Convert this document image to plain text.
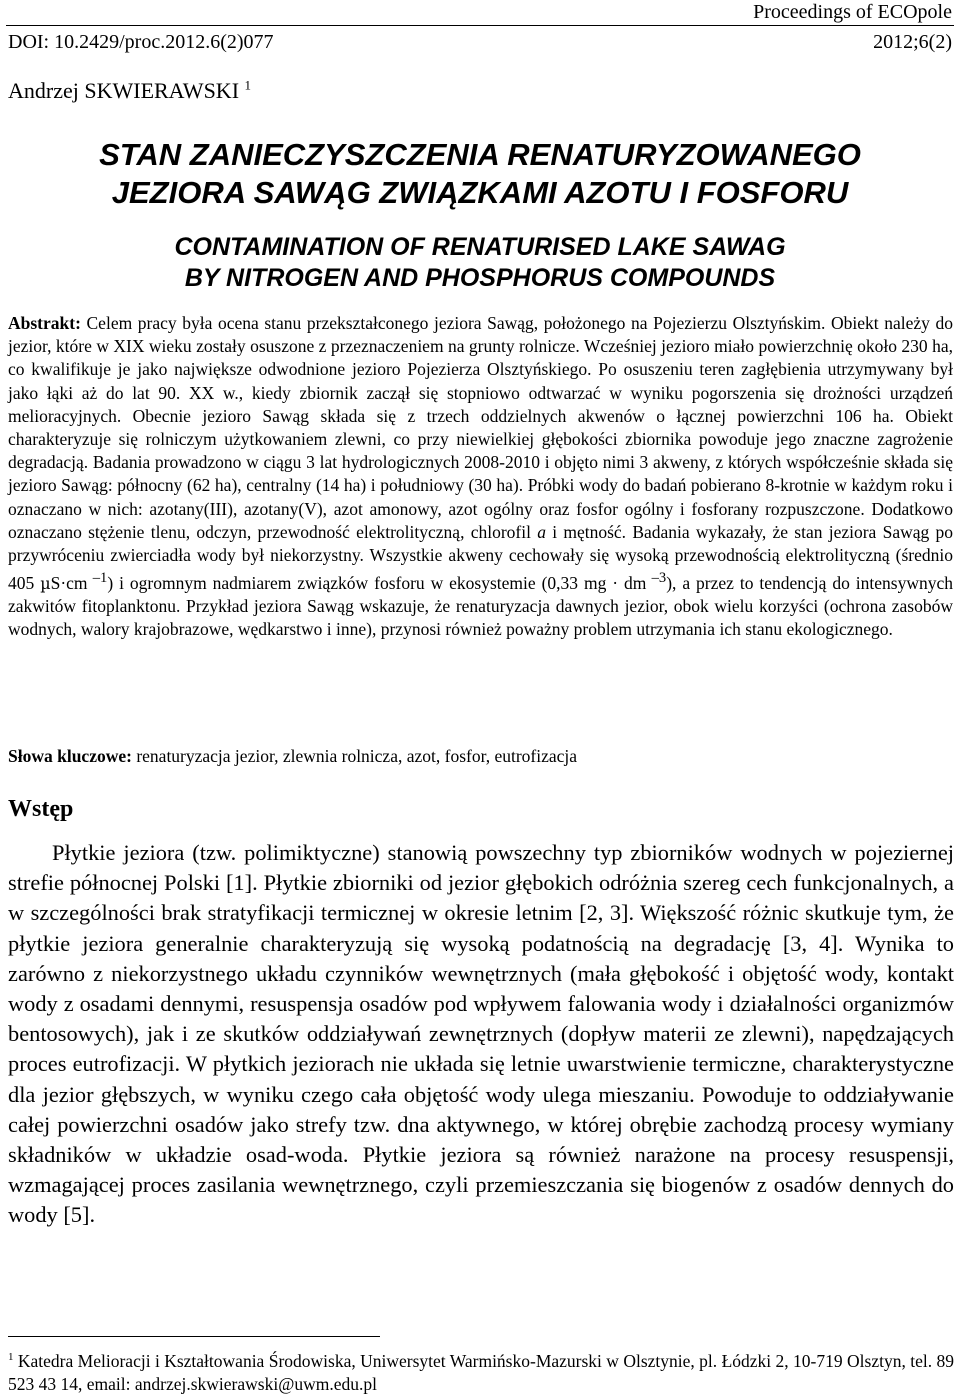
Proceedings of ECOpole
DOI: 10.2429/proc.2012.6(2)077	2012;6(2)
Andrzej SKWIERAWSKI $^1$
STAN ZANIECZYSZCZENIA RENATURYZOWANEGO
JEZIORA SAWĄG ZWIĄZKAMI AZOTU I FOSFORU
CONTAMINATION OF RENATURISED LAKE SAWAG
BY NITROGEN AND PHOSPHORUS COMPOUNDS
Abstrakt: Celem pracy była ocena stanu przekształconego jeziora Sawąg, położonego na Pojezierzu Olsztyńskim. Obiekt należy do jezior, które w XIX wieku zostały osuszone z przeznaczeniem na grunty rolnicze. Wcześniej jezioro miało powierzchnię około 230 ha, co kwalifikuje je jako największe odwodnione jezioro Pojezierza Olsztyńskiego. Po osuszeniu teren zagłębienia utrzymywany był jako łąki aż do lat 90. XX w., kiedy zbiornik zaczął się stopniowo odtwarzać w wyniku pogorszenia się drożności urządzeń melioracyjnych. Obecnie jezioro Sawąg składa się z trzech oddzielnych akwenów o łącznej powierzchni 106 ha. Obiekt charakteryzuje się rolniczym użytkowaniem zlewni, co przy niewielkiej głębokości zbiornika powoduje jego znaczne zagrożenie degradacją. Badania prowadzono w ciągu 3 lat hydrologicznych 2008-2010 i objęto nimi 3 akweny, z których współcześnie składa się jezioro Sawąg: północny (62 ha), centralny (14 ha) i południowy (30 ha). Próbki wody do badań pobierano 8-krotnie w każdym roku i oznaczano w nich: azotany(III), azotany(V), azot amonowy, azot ogólny oraz fosfor ogólny i fosforany rozpuszczone. Dodatkowo oznaczano stężenie tlenu, odczyn, przewodność elektrolityczną, chlorofil a i mętność. Badania wykazały, że stan jeziora Sawąg po przywróceniu zwierciadła wody był niekorzystny. Wszystkie akweny cechowały się wysoką przewodnością elektrolityczną (średnio 405 µS·cm $^{-1}$) i ogromnym nadmiarem związków fosforu w ekosystemie (0,33 mg · dm $^{-3}$), a przez to tendencją do intensywnych zakwitów fitoplanktonu. Przykład jeziora Sawąg wskazuje, że renaturyzacja dawnych jezior, obok wielu korzyści (ochrona zasobów wodnych, walory krajobrazowe, wędkarstwo i inne), przynosi również poważny problem utrzymania ich stanu ekologicznego.
Słowa kluczowe: renaturyzacja jezior, zlewnia rolnicza, azot, fosfor, eutrofizacja
Wstęp
Płytkie jeziora (tzw. polimiktyczne) stanowią powszechny typ zbiorników wodnych w pojeziernej strefie północnej Polski [1]. Płytkie zbiorniki od jezior głębokich odróżnia szereg cech funkcjonalnych, a w szczególności brak stratyfikacji termicznej w okresie letnim [2, 3]. Większość różnic skutkuje tym, że płytkie jeziora generalnie charakteryzują się wysoką podatnością na degradację [3, 4]. Wynika to zarówno z niekorzystnego układu czynników wewnętrznych (mała głębokość i objętość wody, kontakt wody z osadami dennymi, resuspensja osadów pod wpływem falowania wody i działalności organizmów bentosowych), jak i ze skutków oddziaływań zewnętrznych (dopływ materii ze zlewni), napędzających proces eutrofizacji. W płytkich jeziorach nie układa się letnie uwarstwienie termiczne, charakterystyczne dla jezior głębszych, w wyniku czego cała objętość wody ulega mieszaniu. Powoduje to oddziaływanie całej powierzchni osadów jako strefy tzw. dna aktywnego, w której obrębie zachodzą procesy wymiany składników w układzie osad-woda. Płytkie jeziora są również narażone na procesy resuspensji, wzmagającej proces zasilania wewnętrznego, czyli przemieszczania się biogenów z osadów dennych do wody [5].
$^1$ Katedra Melioracji i Kształtowania Środowiska, Uniwersytet Warmińsko-Mazurski w Olsztynie, pl. Łódzki 2, 10-719 Olsztyn, tel. 89 523 43 14, email: andrzej.skwierawski@uwm.edu.pl
